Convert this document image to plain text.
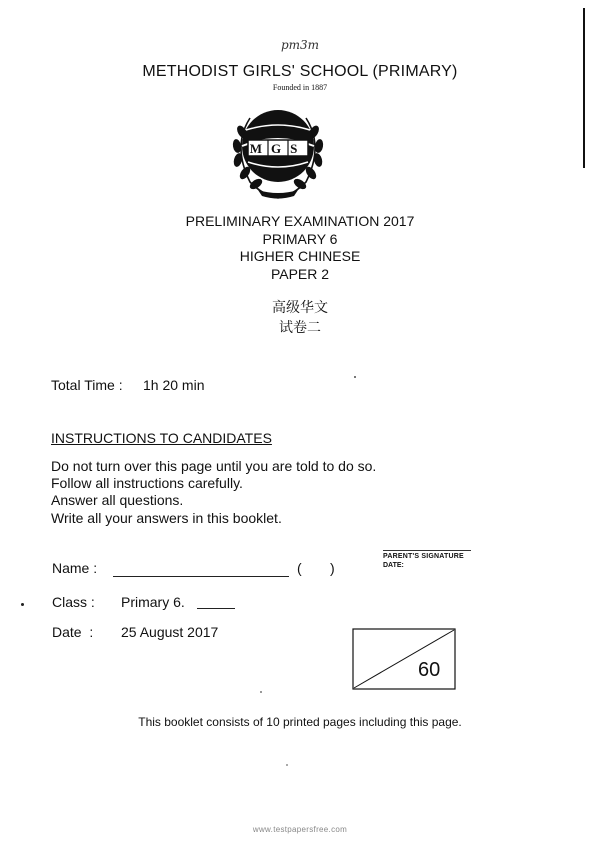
pm3m
METHODIST GIRLS' SCHOOL (PRIMARY)
Founded in 1887
MGS
PRELIMINARY EXAMINATION 2017
PRIMARY 6
HIGHER CHINESE
PAPER 2
高级华文
试卷二
Total Time : 1h 20 min
INSTRUCTIONS TO CANDIDATES
Do not turn over this page until you are told to do so.
Follow all instructions carefully.
Answer all questions.
Write all your answers in this booklet.
Name :	( )
PARENT'S SIGNATURE
DATE:
Class : Primary 6.
Date  : 25 August 2017
60
This booklet consists of 10 printed pages including this page.
www.testpapersfree.com
